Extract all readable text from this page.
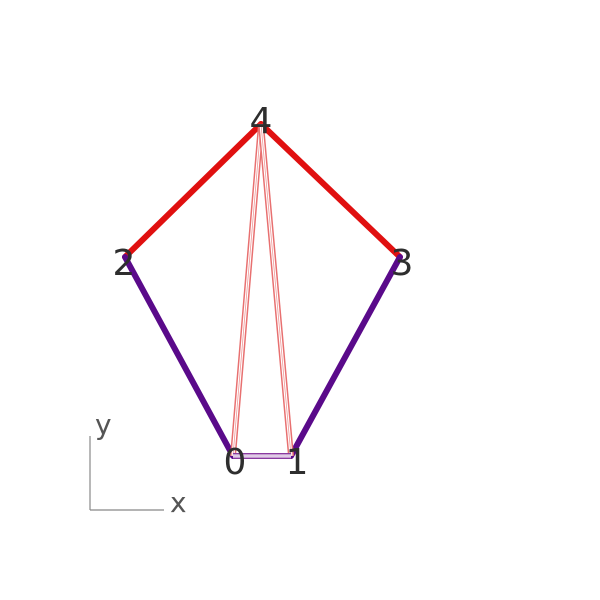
0 1
2	3
4
y
x
